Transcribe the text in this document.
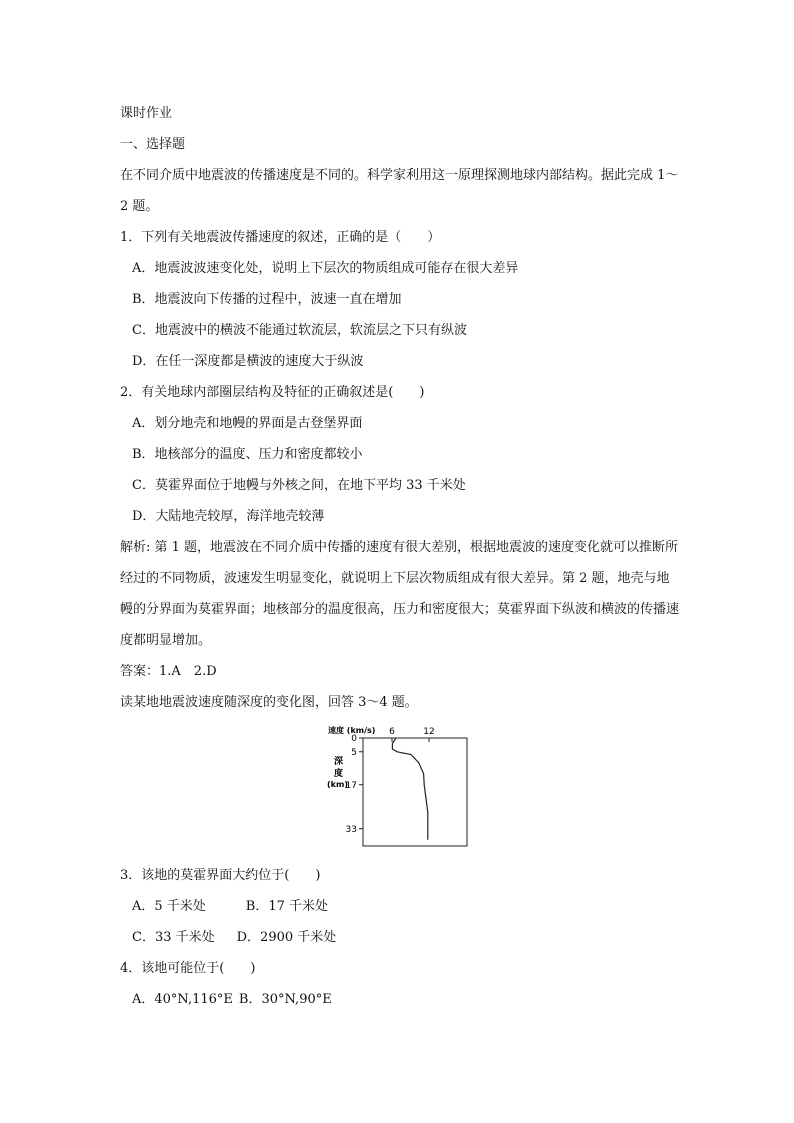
课时作业
一、选择题
在不同介质中地震波的传播速度是不同的。科学家利用这一原理探测地球内部结构。据此完成 1～2 题。
1．下列有关地震波传播速度的叙述，正确的是（　　）
A．地震波波速变化处，说明上下层次的物质组成可能存在很大差异
B．地震波向下传播的过程中，波速一直在增加
C．地震波中的横波不能通过软流层，软流层之下只有纵波
D．在任一深度都是横波的速度大于纵波
2．有关地球内部圈层结构及特征的正确叙述是(　　)
A．划分地壳和地幔的界面是古登堡界面
B．地核部分的温度、压力和密度都较小
C．莫霍界面位于地幔与外核之间，在地下平均 33 千米处
D．大陆地壳较厚，海洋地壳较薄
解析: 第 1 题，地震波在不同介质中传播的速度有很大差别，根据地震波的速度变化就可以推断所经过的不同物质，波速发生明显变化，就说明上下层次物质组成有很大差异。第 2 题，地壳与地幔的分界面为莫霍界面；地核部分的温度很高，压力和密度很大；莫霍界面下纵波和横波的传播速度都明显增加。
答案：1.A　2.D
读某地地震波速度随深度的变化图，回答 3～4 题。
速度 (km/s)
深
度
(km)
6	12
0
5
17
33
3．该地的莫霍界面大约位于(　　)
A．5 千米处	B．17 千米处
C．33 千米处 D．2900 千米处
4．该地可能位于(　　)
A．40°N,116°E B．30°N,90°E
